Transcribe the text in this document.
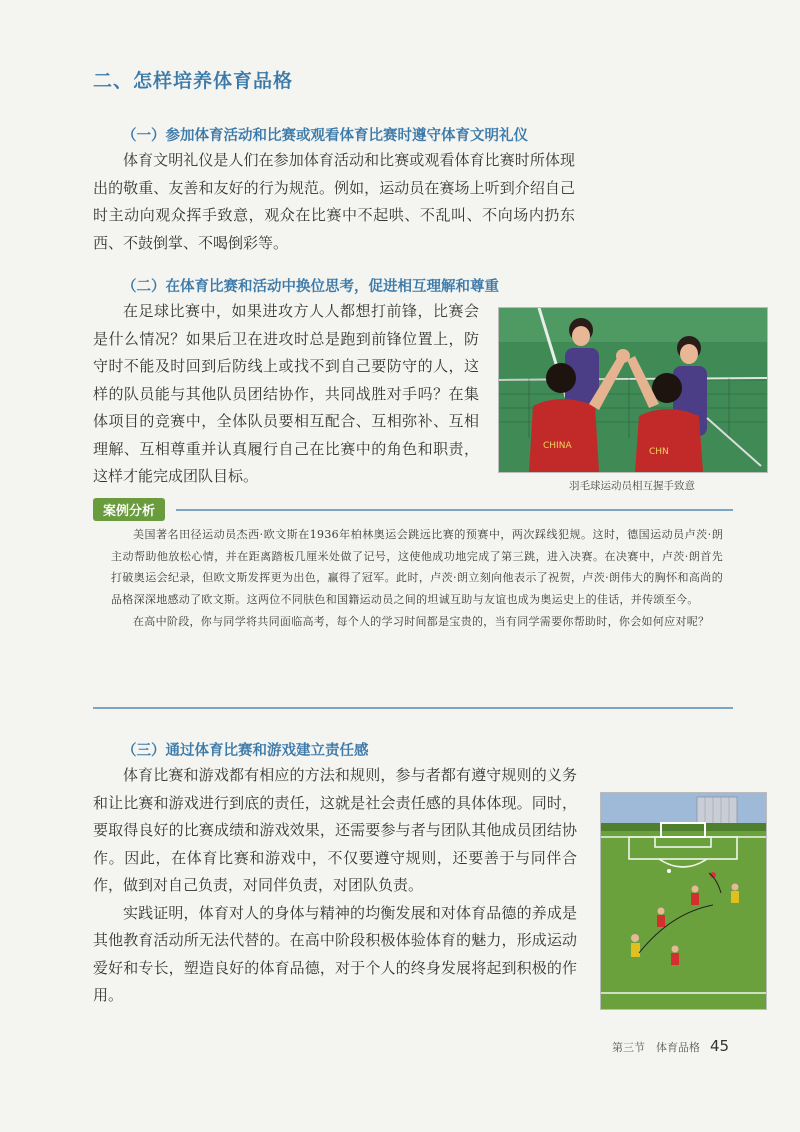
二、怎样培养体育品格
（一）参加体育活动和比赛或观看体育比赛时遵守体育文明礼仪

体育文明礼仪是人们在参加体育活动和比赛或观看体育比赛时所体现出的敬重、友善和友好的行为规范。例如，运动员在赛场上听到介绍自己时主动向观众挥手致意，观众在比赛中不起哄、不乱叫、不向场内扔东西、不鼓倒掌、不喝倒彩等。

（二）在体育比赛和活动中换位思考，促进相互理解和尊重

在足球比赛中，如果进攻方人人都想打前锋，比赛会是什么情况？如果后卫在进攻时总是跑到前锋位置上，防守时不能及时回到后防线上或找不到自己要防守的人，这样的队员能与其他队员团结协作，共同战胜对手吗？在集体项目的竞赛中，全体队员要相互配合、互相弥补、互相理解、互相尊重并认真履行自己在比赛中的角色和职责，这样才能完成团队目标。

CHINA
CHN
羽毛球运动员相互握手致意
案例分析

美国著名田径运动员杰西·欧文斯在1936年柏林奥运会跳远比赛的预赛中，两次踩线犯规。这时，德国运动员卢茨·朗主动帮助他放松心情，并在距离踏板几厘米处做了记号，这使他成功地完成了第三跳，进入决赛。在决赛中，卢茨·朗首先打破奥运会纪录，但欧文斯发挥更为出色，赢得了冠军。此时，卢茨·朗立刻向他表示了祝贺，卢茨·朗伟大的胸怀和高尚的品格深深地感动了欧文斯。这两位不同肤色和国籍运动员之间的坦诚互助与友谊也成为奥运史上的佳话，并传颂至今。

在高中阶段，你与同学将共同面临高考，每个人的学习时间都是宝贵的，当有同学需要你帮助时，你会如何应对呢？

（三）通过体育比赛和游戏建立责任感

体育比赛和游戏都有相应的方法和规则，参与者都有遵守规则的义务和让比赛和游戏进行到底的责任，这就是社会责任感的具体体现。同时，要取得良好的比赛成绩和游戏效果，还需要参与者与团队其他成员团结协作。因此，在体育比赛和游戏中，不仅要遵守规则，还要善于与同伴合作，做到对自己负责，对同伴负责，对团队负责。

实践证明，体育对人的身体与精神的均衡发展和对体育品德的养成是其他教育活动所无法代替的。在高中阶段积极体验体育的魅力，形成运动爱好和专长，塑造良好的体育品德，对于个人的终身发展将起到积极的作用。

第三节　体育品格 45
